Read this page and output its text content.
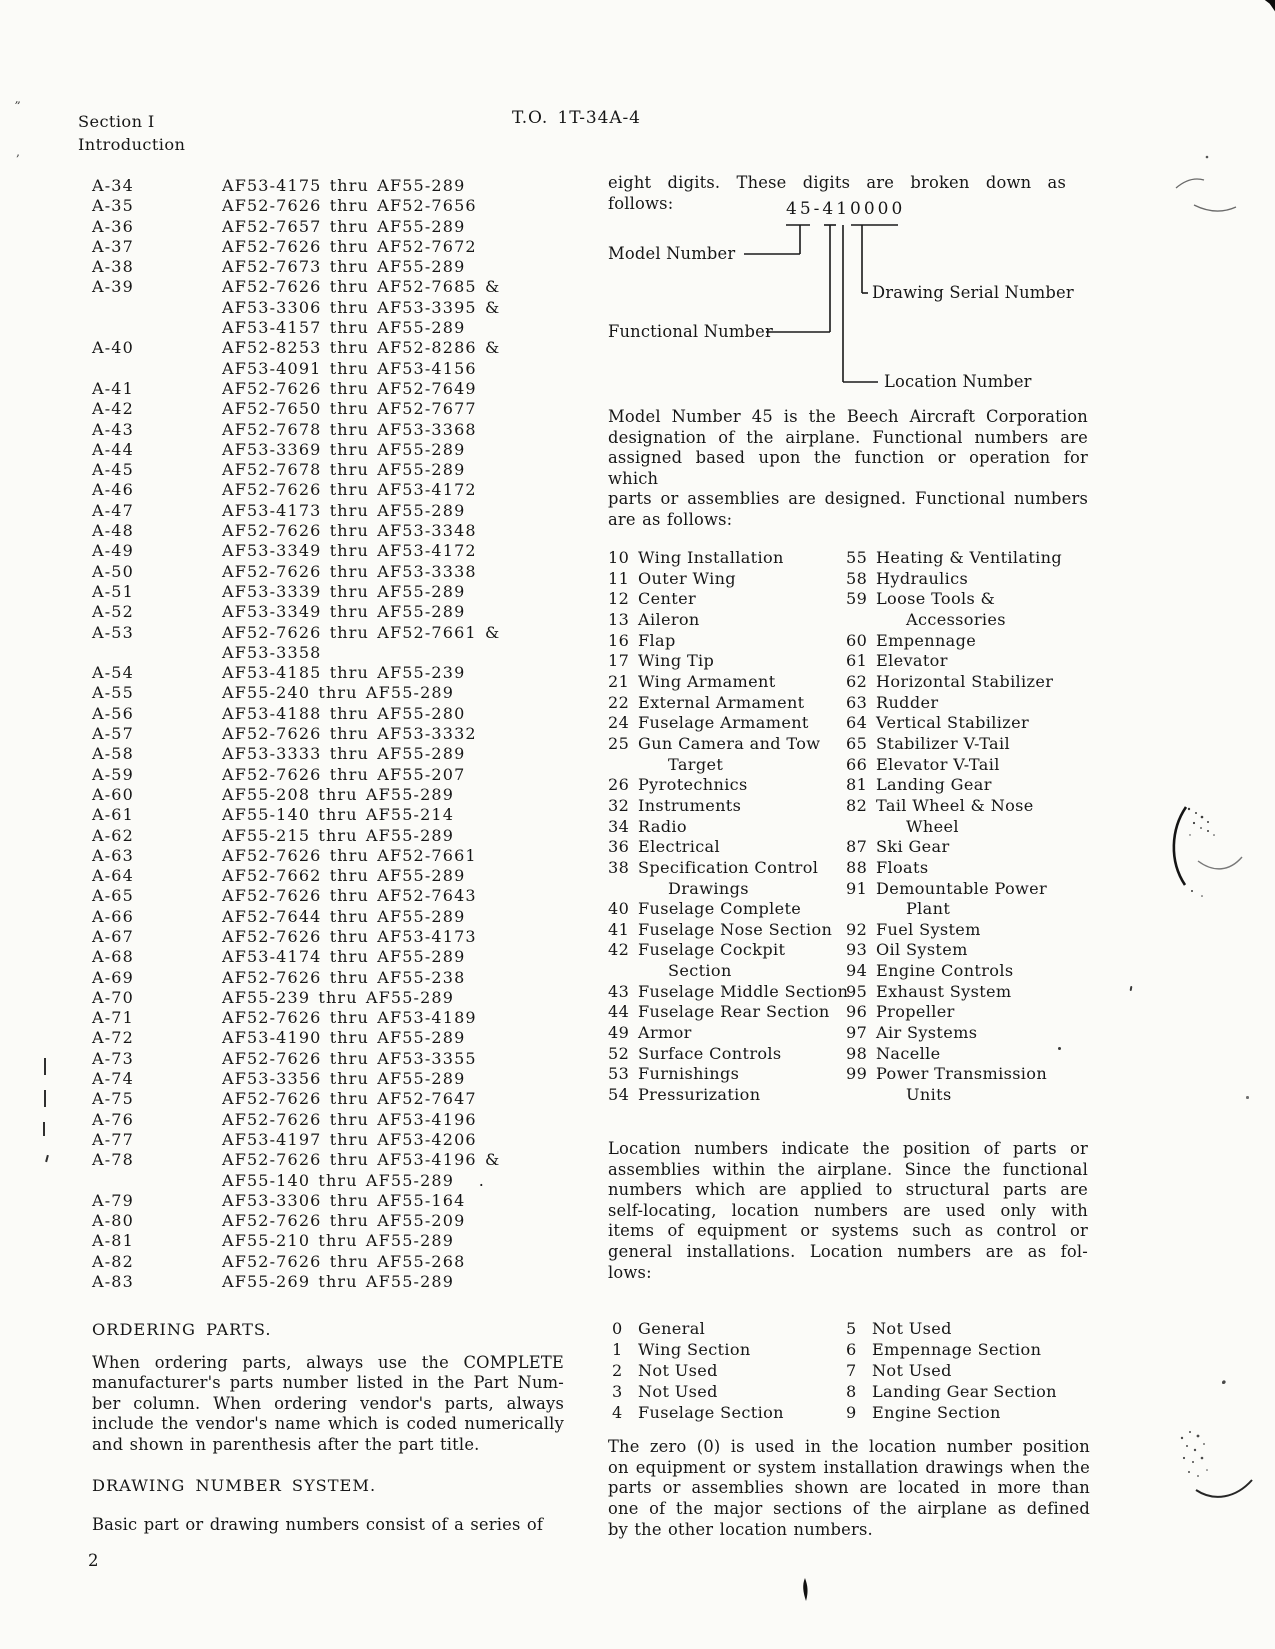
Section I
Introduction
T.O. 1T-34A-4
A-34	AF53-4175 thru AF55-289
A-35	AF52-7626 thru AF52-7656
A-36	AF52-7657 thru AF55-289
A-37	AF52-7626 thru AF52-7672
A-38	AF52-7673 thru AF55-289
A-39	AF52-7626 thru AF52-7685 &
AF53-3306 thru AF53-3395 &
AF53-4157 thru AF55-289
A-40	AF52-8253 thru AF52-8286 &
AF53-4091 thru AF53-4156
A-41	AF52-7626 thru AF52-7649
A-42	AF52-7650 thru AF52-7677
A-43	AF52-7678 thru AF53-3368
A-44	AF53-3369 thru AF55-289
A-45	AF52-7678 thru AF55-289
A-46	AF52-7626 thru AF53-4172
A-47	AF53-4173 thru AF55-289
A-48	AF52-7626 thru AF53-3348
A-49	AF53-3349 thru AF53-4172
A-50	AF52-7626 thru AF53-3338
A-51	AF53-3339 thru AF55-289
A-52	AF53-3349 thru AF55-289
A-53	AF52-7626 thru AF52-7661 &
AF53-3358
A-54	AF53-4185 thru AF55-239
A-55	AF55-240 thru AF55-289
A-56	AF53-4188 thru AF55-280
A-57	AF52-7626 thru AF53-3332
A-58	AF53-3333 thru AF55-289
A-59	AF52-7626 thru AF55-207
A-60	AF55-208 thru AF55-289
A-61	AF55-140 thru AF55-214
A-62	AF55-215 thru AF55-289
A-63	AF52-7626 thru AF52-7661
A-64	AF52-7662 thru AF55-289
A-65	AF52-7626 thru AF52-7643
A-66	AF52-7644 thru AF55-289
A-67	AF52-7626 thru AF53-4173
A-68	AF53-4174 thru AF55-289
A-69	AF52-7626 thru AF55-238
A-70	AF55-239 thru AF55-289
A-71	AF52-7626 thru AF53-4189
A-72	AF53-4190 thru AF55-289
A-73	AF52-7626 thru AF53-3355
A-74	AF53-3356 thru AF55-289
A-75	AF52-7626 thru AF52-7647
A-76	AF52-7626 thru AF53-4196
A-77	AF53-4197 thru AF53-4206
A-78	AF52-7626 thru AF53-4196 &
AF55-140 thru AF55-289   .
A-79	AF53-3306 thru AF55-164
A-80	AF52-7626 thru AF55-209
A-81	AF55-210 thru AF55-289
A-82	AF52-7626 thru AF55-268
A-83	AF55-269 thru AF55-289
ORDERING PARTS.
When ordering parts, always use the COMPLETE
manufacturer's parts number listed in the Part Num-
ber column. When ordering vendor's parts, always
include the vendor's name which is coded numerically
and shown in parenthesis after the part title.
DRAWING NUMBER SYSTEM.
Basic part or drawing numbers consist of a series of
2
eight digits. These digits are broken down as follows:	45-410000
Model Number
Functional Number
Location Number
Drawing Serial Number
Model Number 45 is the Beech Aircraft Corporation
designation of the airplane. Functional numbers are
assigned based upon the function or operation for which
parts or assemblies are designed. Functional numbers
are as follows:
10 Wing Installation
11 Outer Wing
12 Center
13 Aileron
16 Flap
17 Wing Tip
21 Wing Armament
22 External Armament
24 Fuselage Armament
25 Gun Camera and Tow
Target
26 Pyrotechnics
32 Instruments
34 Radio
36 Electrical
38 Specification Control
Drawings
40 Fuselage Complete
41 Fuselage Nose Section
42 Fuselage Cockpit
Section
43 Fuselage Middle Section
44 Fuselage Rear Section
49 Armor
52 Surface Controls
53 Furnishings
54 Pressurization
55 Heating & Ventilating
58 Hydraulics
59 Loose Tools &
Accessories
60 Empennage
61 Elevator
62 Horizontal Stabilizer
63 Rudder
64 Vertical Stabilizer
65 Stabilizer V-Tail
66 Elevator V-Tail
81 Landing Gear
82 Tail Wheel & Nose
Wheel
87 Ski Gear
88 Floats
91 Demountable Power
Plant
92 Fuel System
93 Oil System
94 Engine Controls
95 Exhaust System
96 Propeller
97 Air Systems
98 Nacelle
99 Power Transmission
Units
Location numbers indicate the position of parts or
assemblies within the airplane. Since the functional
numbers which are applied to structural parts are
self-locating, location numbers are used only with
items of equipment or systems such as control or
general installations. Location numbers are as fol-
lows:
0 General
1 Wing Section
2 Not Used
3 Not Used
4 Fuselage Section
5 Not Used
6 Empennage Section
7 Not Used
8 Landing Gear Section
9 Engine Section
The zero (0) is used in the location number position
on equipment or system installation drawings when the
parts or assemblies shown are located in more than
one of the major sections of the airplane as defined
by the other location numbers.
”
‚
